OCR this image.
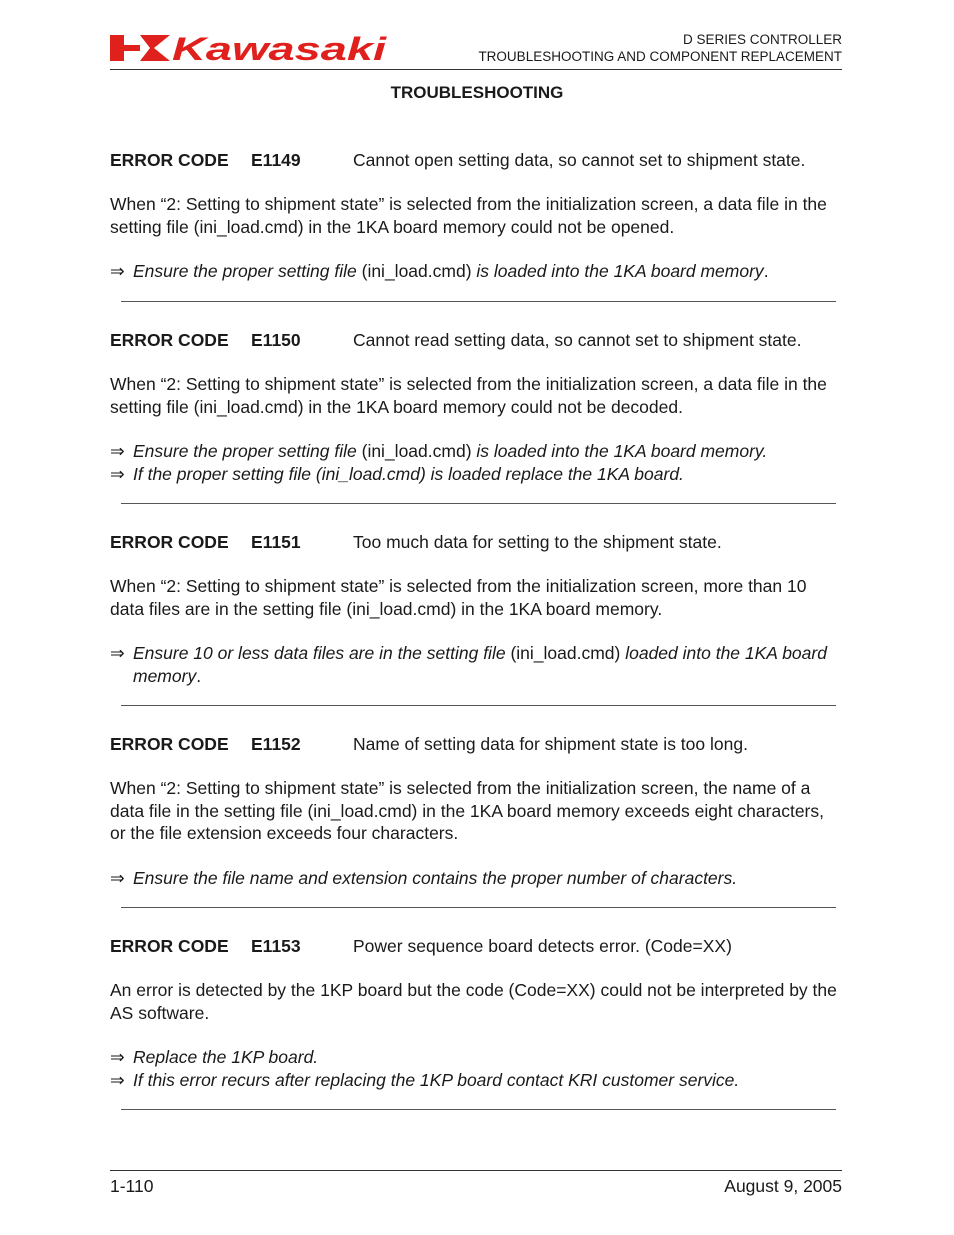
Kawasaki	D SERIES CONTROLLER
TROUBLESHOOTING AND COMPONENT REPLACEMENT
TROUBLESHOOTING
ERROR CODE E1149	Cannot open setting data, so cannot set to shipment state.
When “2: Setting to shipment state” is selected from the initialization screen, a data file in the setting file (ini_load.cmd) in the 1KA board memory could not be opened.
⇒ Ensure the proper setting file (ini_load.cmd) is loaded into the 1KA board memory.
ERROR CODE E1150	Cannot read setting data, so cannot set to shipment state.
When “2: Setting to shipment state” is selected from the initialization screen, a data file in the setting file (ini_load.cmd) in the 1KA board memory could not be decoded.
⇒ Ensure the proper setting file (ini_load.cmd) is loaded into the 1KA board memory.
⇒ If the proper setting file (ini_load.cmd) is loaded replace the 1KA board.
ERROR CODE E1151	Too much data for setting to the shipment state.
When “2: Setting to shipment state” is selected from the initialization screen, more than 10 data files are in the setting file (ini_load.cmd) in the 1KA board memory.
⇒ Ensure 10 or less data files are in the setting file (ini_load.cmd) loaded into the 1KA board memory.
ERROR CODE E1152	Name of setting data for shipment state is too long.
When “2: Setting to shipment state” is selected from the initialization screen, the name of a data file in the setting file (ini_load.cmd) in the 1KA board memory exceeds eight characters, or the file extension exceeds four characters.
⇒ Ensure the file name and extension contains the proper number of characters.
ERROR CODE E1153	Power sequence board detects error. (Code=XX)
An error is detected by the 1KP board but the code (Code=XX) could not be interpreted by the AS software.
⇒ Replace the 1KP board.
⇒ If this error recurs after replacing the 1KP board contact KRI customer service.
1-110	August 9, 2005
